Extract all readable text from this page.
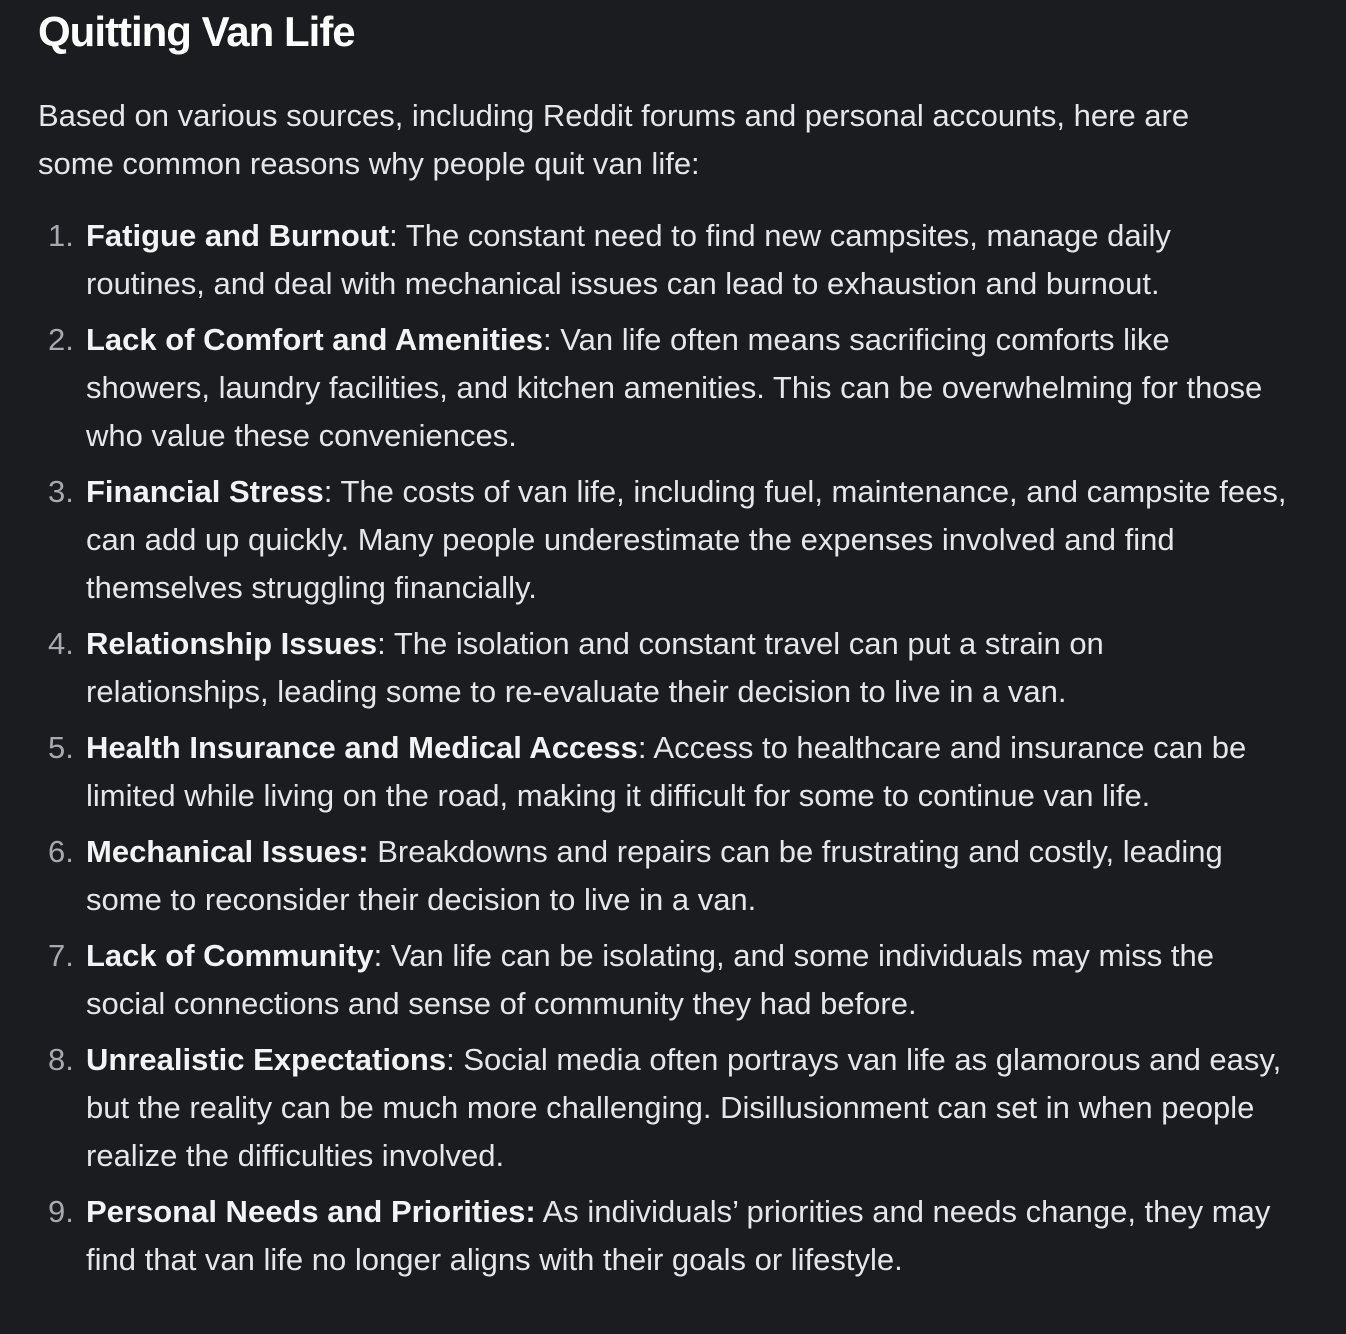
Quitting Van Life

Based on various sources, including Reddit forums and personal accounts, here are some common reasons why people quit van life:

1. Fatigue and Burnout: The constant need to find new campsites, manage daily routines, and deal with mechanical issues can lead to exhaustion and burnout.
2. Lack of Comfort and Amenities: Van life often means sacrificing comforts like showers, laundry facilities, and kitchen amenities. This can be overwhelming for those who value these conveniences.
3. Financial Stress: The costs of van life, including fuel, maintenance, and campsite fees, can add up quickly. Many people underestimate the expenses involved and find themselves struggling financially.
4. Relationship Issues: The isolation and constant travel can put a strain on relationships, leading some to re-evaluate their decision to live in a van.
5. Health Insurance and Medical Access: Access to healthcare and insurance can be limited while living on the road, making it difficult for some to continue van life.
6. Mechanical Issues: Breakdowns and repairs can be frustrating and costly, leading some to reconsider their decision to live in a van.
7. Lack of Community: Van life can be isolating, and some individuals may miss the social connections and sense of community they had before.
8. Unrealistic Expectations: Social media often portrays van life as glamorous and easy, but the reality can be much more challenging. Disillusionment can set in when people realize the difficulties involved.
9. Personal Needs and Priorities: As individuals’ priorities and needs change, they may find that van life no longer aligns with their goals or lifestyle.
